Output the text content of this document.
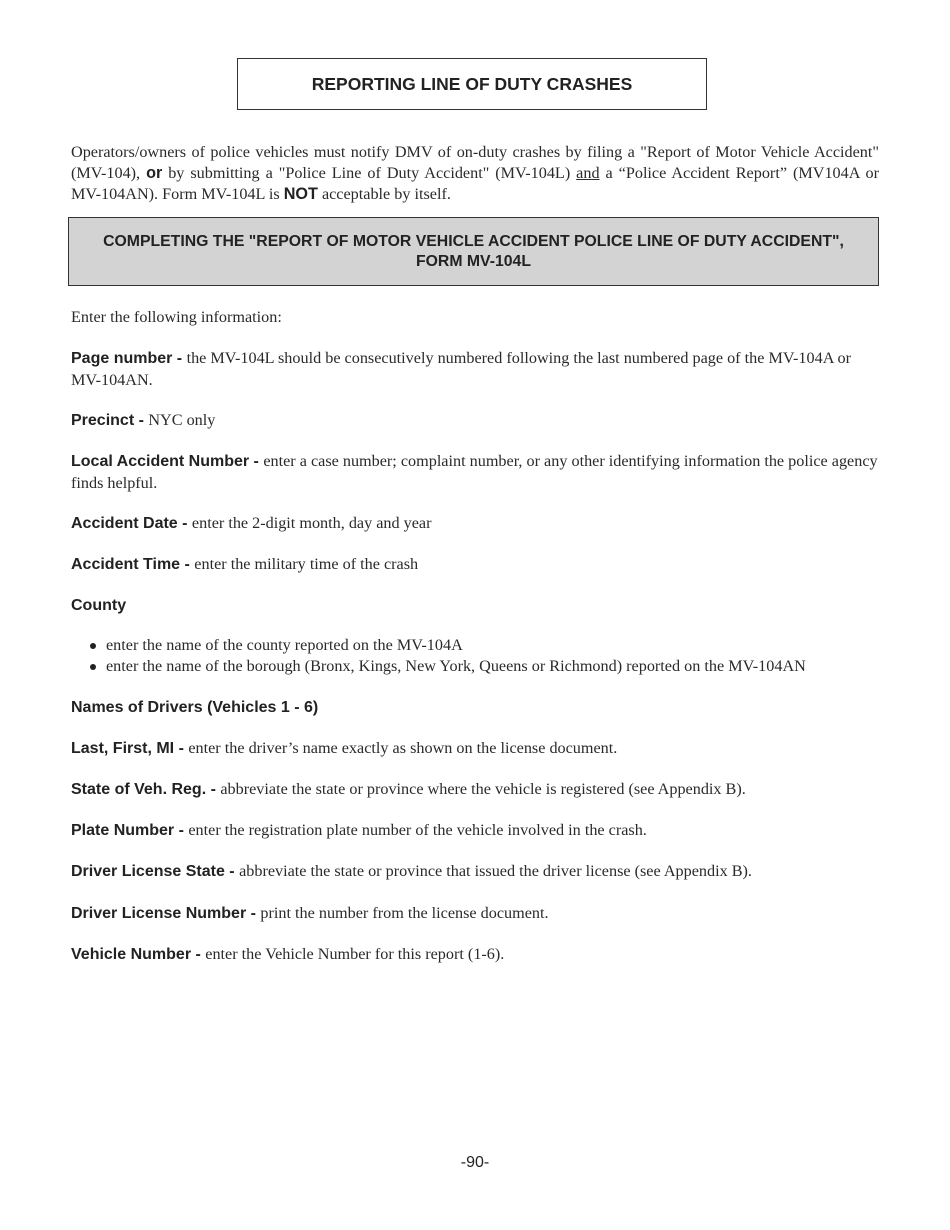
REPORTING LINE OF DUTY CRASHES
Operators/owners of police vehicles must notify DMV of on-duty crashes by filing a "Report of Motor Vehicle Accident" (MV-104), or by submitting a "Police Line of Duty Accident" (MV-104L) and a “Police Accident Report” (MV104A or MV-104AN). Form MV-104L is NOT acceptable by itself.
COMPLETING THE "REPORT OF MOTOR VEHICLE ACCIDENT POLICE LINE OF DUTY ACCIDENT",
FORM MV-104L
Enter the following information:
Page number - the MV-104L should be consecutively numbered following the last numbered page of the MV-104A or MV-104AN.
Precinct - NYC only
Local Accident Number - enter a case number; complaint number, or any other identifying information the police agency finds helpful.
Accident Date - enter the 2-digit month, day and year
Accident Time - enter the military time of the crash
County
enter the name of the county reported on the MV-104A
enter the name of the borough (Bronx, Kings, New York, Queens or Richmond) reported on the MV-104AN
Names of Drivers (Vehicles 1 - 6)
Last, First, MI - enter the driver’s name exactly as shown on the license document.
State of Veh. Reg. - abbreviate the state or province where the vehicle is registered (see Appendix B).
Plate Number - enter the registration plate number of the vehicle involved in the crash.
Driver License State - abbreviate the state or province that issued the driver license (see Appendix B).
Driver License Number - print the number from the license document.
Vehicle Number - enter the Vehicle Number for this report (1-6).
-90-
